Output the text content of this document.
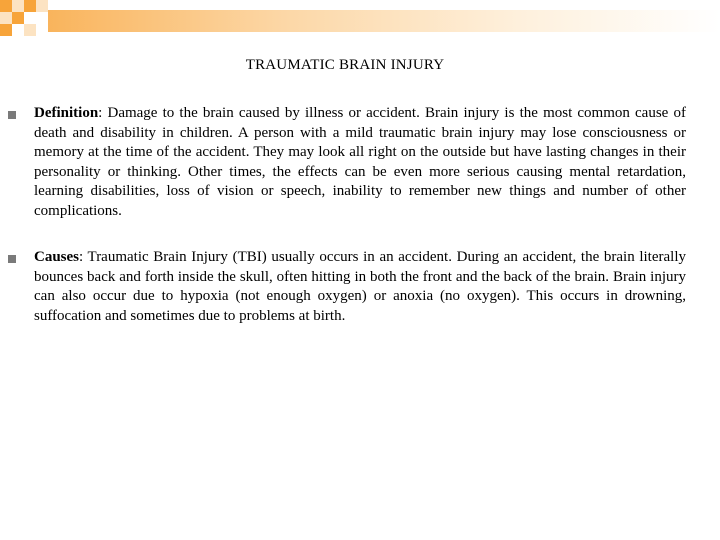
TRAUMATIC BRAIN INJURY
Definition: Damage to the brain caused by illness or accident. Brain injury is the most common cause of death and disability in children. A person with a mild traumatic brain injury may lose consciousness or memory at the time of the accident. They may look all right on the outside but have lasting changes in their personality or thinking. Other times, the effects can be even more serious causing mental retardation, learning disabilities, loss of vision or speech, inability to remember new things and number of other complications.
Causes: Traumatic Brain Injury (TBI) usually occurs in an accident. During an accident, the brain literally bounces back and forth inside the skull, often hitting in both the front and the back of the brain. Brain injury can also occur due to hypoxia (not enough oxygen) or anoxia (no oxygen). This occurs in drowning, suffocation and sometimes due to problems at birth.
